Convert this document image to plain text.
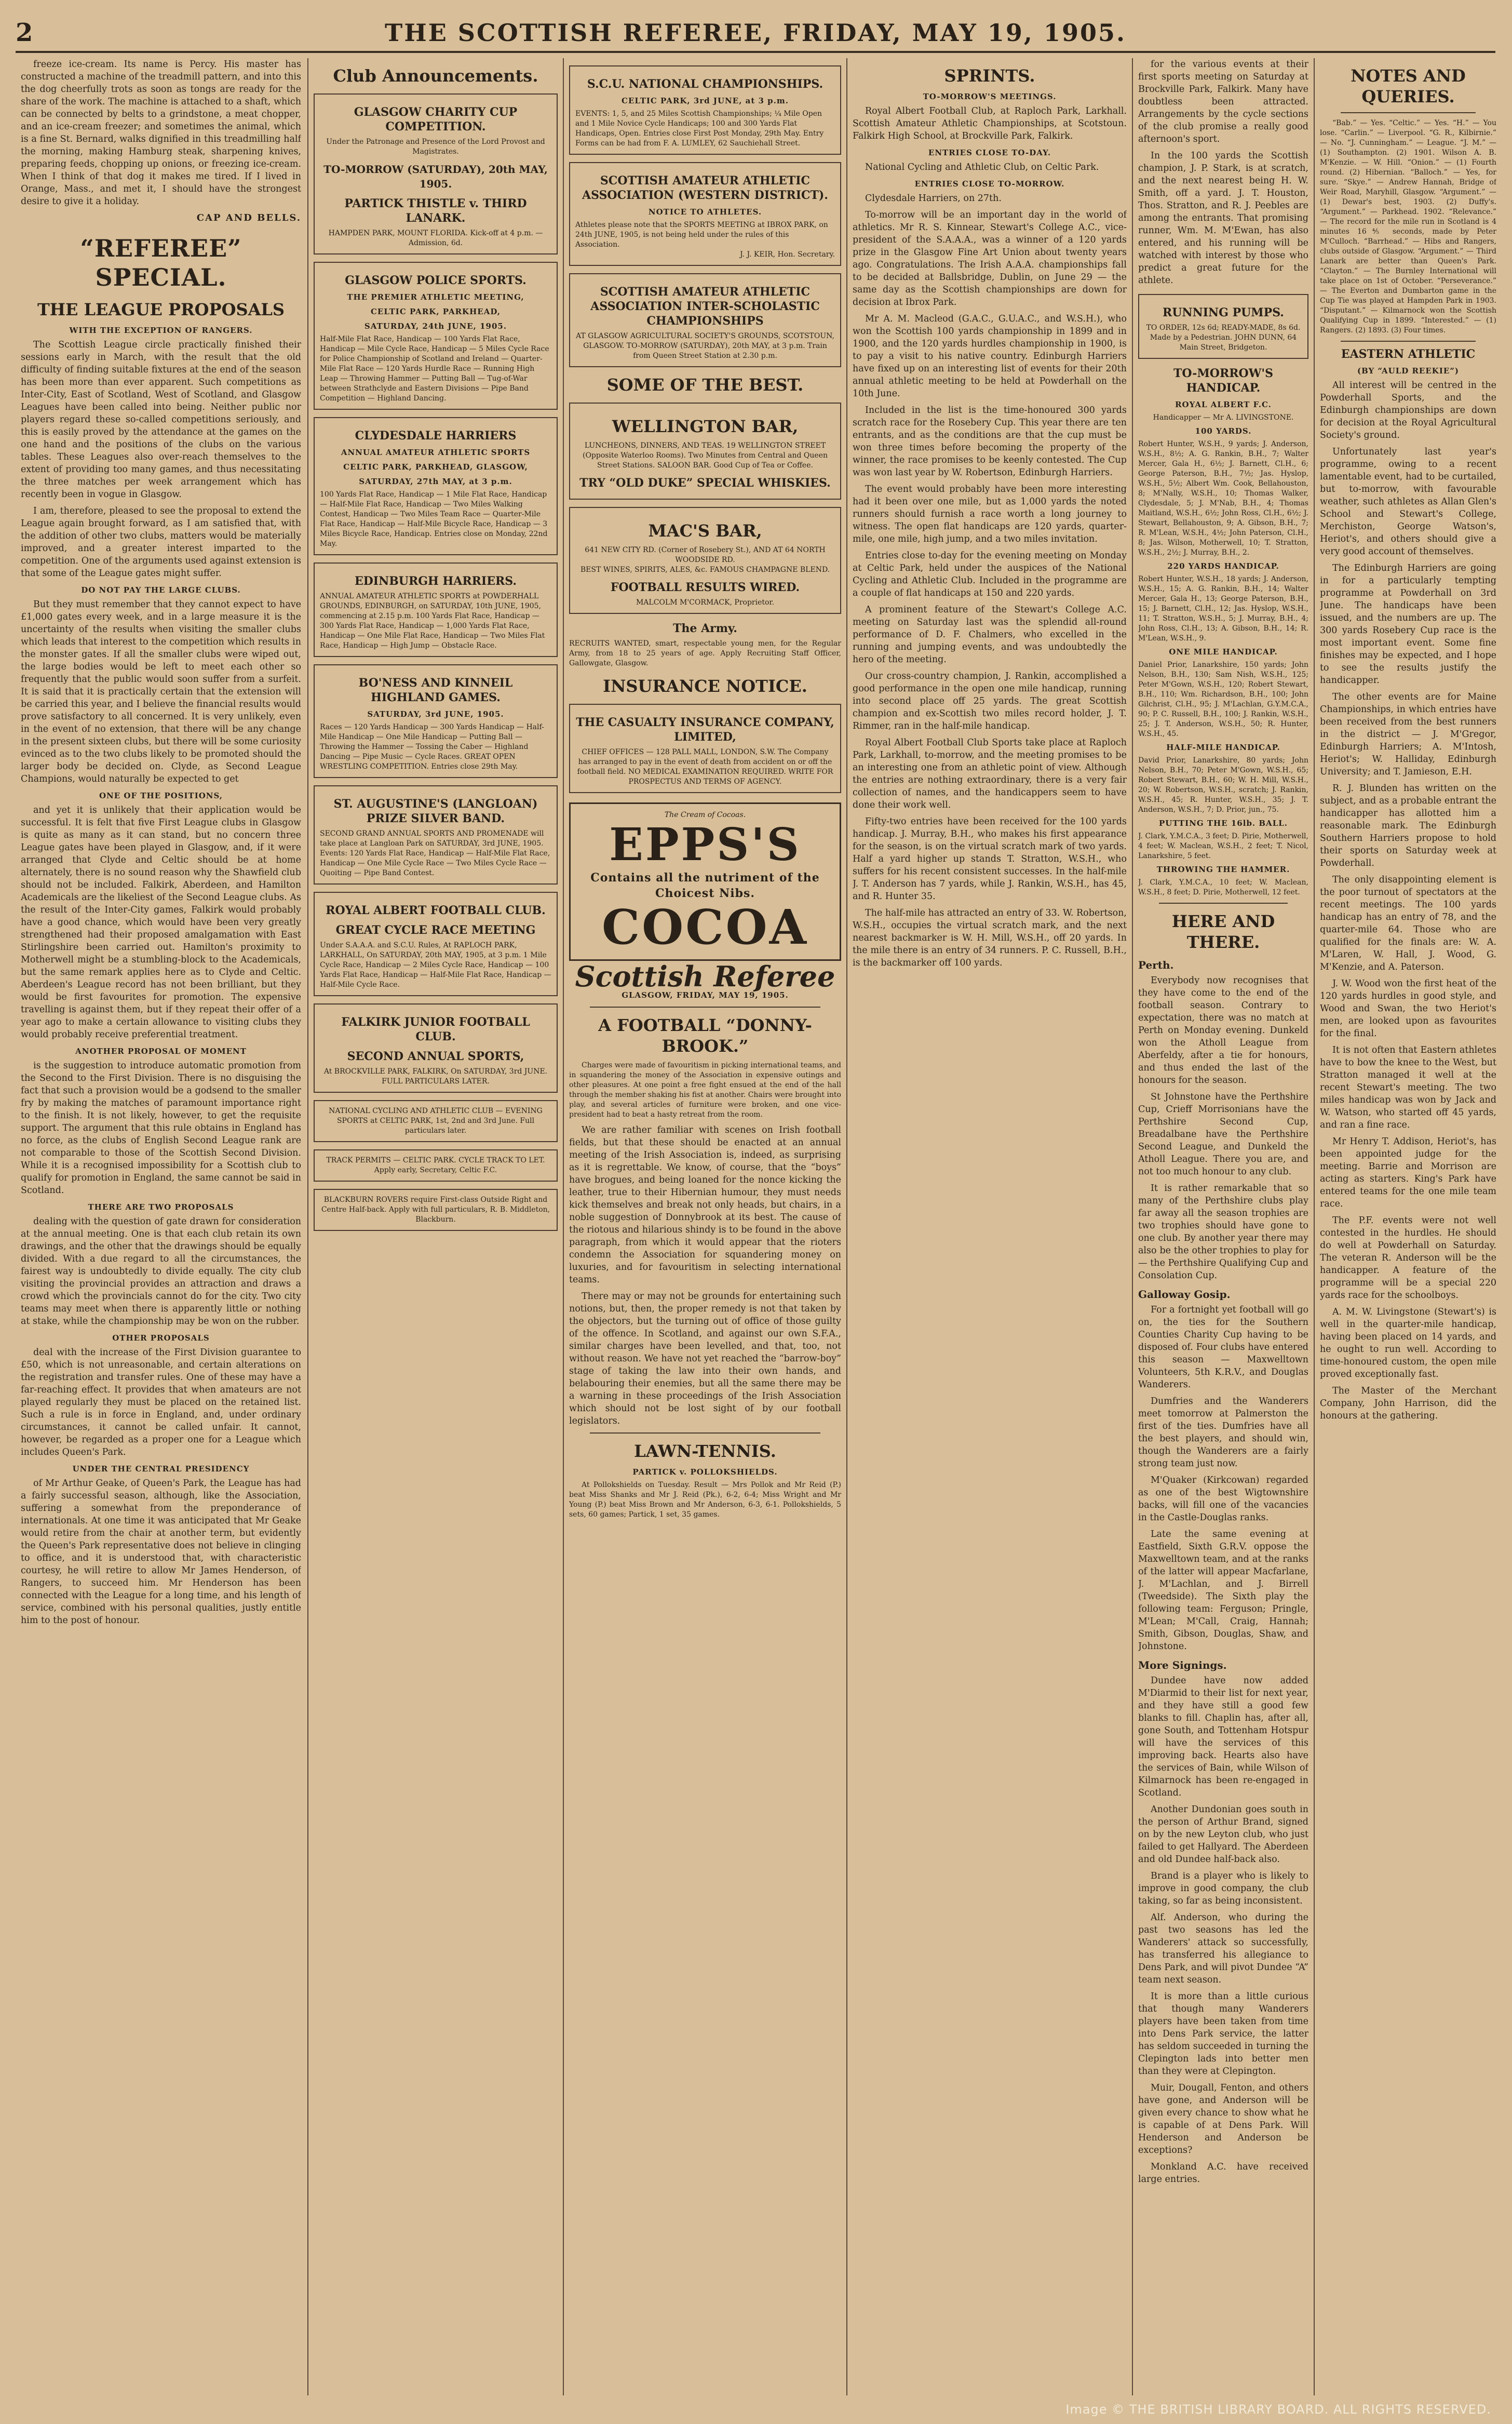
2	THE SCOTTISH REFEREE, FRIDAY, MAY 19, 1905.

freeze ice-cream. Its name is Percy. His master has constructed a machine of the treadmill pattern, and into this the dog cheerfully trots as soon as tongs are ready for the share of the work. The machine is attached to a shaft, which can be connected by belts to a grindstone, a meat chopper, and an ice-cream freezer; and sometimes the animal, which is a fine St. Bernard, walks dignified in this treadmilling half the morning, making Hamburg steak, sharpening knives, preparing feeds, chopping up onions, or freezing ice-cream. When I think of that dog it makes me tired. If I lived in Orange, Mass., and met it, I should have the strongest desire to give it a holiday.

CAP AND BELLS.
“REFEREE” SPECIAL.
THE LEAGUE PROPOSALS
WITH THE EXCEPTION OF RANGERS.

The Scottish League circle practically finished their sessions early in March, with the result that the old difficulty of finding suitable fixtures at the end of the season has been more than ever apparent. Such competitions as Inter-City, East of Scotland, West of Scotland, and Glasgow Leagues have been called into being. Neither public nor players regard these so-called competitions seriously, and this is easily proved by the attendance at the games on the one hand and the positions of the clubs on the various tables. These Leagues also over-reach themselves to the extent of providing too many games, and thus necessitating the three matches per week arrangement which has recently been in vogue in Glasgow.

I am, therefore, pleased to see the proposal to extend the League again brought forward, as I am satisfied that, with the addition of other two clubs, matters would be materially improved, and a greater interest imparted to the competition. One of the arguments used against extension is that some of the League gates might suffer.

DO NOT PAY THE LARGE CLUBS.

But they must remember that they cannot expect to have £1,000 gates every week, and in a large measure it is the uncertainty of the results when visiting the smaller clubs which leads that interest to the competition which results in the monster gates. If all the smaller clubs were wiped out, the large bodies would be left to meet each other so frequently that the public would soon suffer from a surfeit. It is said that it is practically certain that the extension will be carried this year, and I believe the financial results would prove satisfactory to all concerned. It is very unlikely, even in the event of no extension, that there will be any change in the present sixteen clubs, but there will be some curiosity evinced as to the two clubs likely to be promoted should the larger body be decided on. Clyde, as Second League Champions, would naturally be expected to get

ONE OF THE POSITIONS,

and yet it is unlikely that their application would be successful. It is felt that five First League clubs in Glasgow is quite as many as it can stand, but no concern three League gates have been played in Glasgow, and, if it were arranged that Clyde and Celtic should be at home alternately, there is no sound reason why the Shawfield club should not be included. Falkirk, Aberdeen, and Hamilton Academicals are the likeliest of the Second League clubs. As the result of the Inter-City games, Falkirk would probably have a good chance, which would have been very greatly strengthened had their proposed amalgamation with East Stirlingshire been carried out. Hamilton's proximity to Motherwell might be a stumbling-block to the Academicals, but the same remark applies here as to Clyde and Celtic. Aberdeen's League record has not been brilliant, but they would be first favourites for promotion. The expensive travelling is against them, but if they repeat their offer of a year ago to make a certain allowance to visiting clubs they would probably receive preferential treatment.

ANOTHER PROPOSAL OF MOMENT

is the suggestion to introduce automatic promotion from the Second to the First Division. There is no disguising the fact that such a provision would be a godsend to the smaller fry by making the matches of paramount importance right to the finish. It is not likely, however, to get the requisite support. The argument that this rule obtains in England has no force, as the clubs of English Second League rank are not comparable to those of the Scottish Second Division. While it is a recognised impossibility for a Scottish club to qualify for promotion in England, the same cannot be said in Scotland.

THERE ARE TWO PROPOSALS

dealing with the question of gate drawn for consideration at the annual meeting. One is that each club retain its own drawings, and the other that the drawings should be equally divided. With a due regard to all the circumstances, the fairest way is undoubtedly to divide equally. The city club visiting the provincial provides an attraction and draws a crowd which the provincials cannot do for the city. Two city teams may meet when there is apparently little or nothing at stake, while the championship may be won on the rubber.

OTHER PROPOSALS

deal with the increase of the First Division guarantee to £50, which is not unreasonable, and certain alterations on the registration and transfer rules. One of these may have a far-reaching effect. It provides that when amateurs are not played regularly they must be placed on the retained list. Such a rule is in force in England, and, under ordinary circumstances, it cannot be called unfair. It cannot, however, be regarded as a proper one for a League which includes Queen's Park.

UNDER THE CENTRAL PRESIDENCY

of Mr Arthur Geake, of Queen's Park, the League has had a fairly successful season, although, like the Association, suffering a somewhat from the preponderance of internationals. At one time it was anticipated that Mr Geake would retire from the chair at another term, but evidently the Queen's Park representative does not believe in clinging to office, and it is understood that, with characteristic courtesy, he will retire to allow Mr James Henderson, of Rangers, to succeed him. Mr Henderson has been connected with the League for a long time, and his length of service, combined with his personal qualities, justly entitle him to the post of honour.

Club Announcements.
GLASGOW CHARITY CUP COMPETITION.
Under the Patronage and Presence of the Lord Provost and Magistrates.
TO-MORROW (SATURDAY), 20th MAY, 1905.
PARTICK THISTLE v. THIRD LANARK.
HAMPDEN PARK, MOUNT FLORIDA. Kick-off at 4 p.m. — Admission, 6d.
GLASGOW POLICE SPORTS.
THE PREMIER ATHLETIC MEETING,
CELTIC PARK, PARKHEAD,
SATURDAY, 24th JUNE, 1905.
Half-Mile Flat Race, Handicap — 100 Yards Flat Race, Handicap — Mile Cycle Race, Handicap — 5 Miles Cycle Race for Police Championship of Scotland and Ireland — Quarter-Mile Flat Race — 120 Yards Hurdle Race — Running High Leap — Throwing Hammer — Putting Ball — Tug-of-War between Strathclyde and Eastern Divisions — Pipe Band Competition — Highland Dancing.
CLYDESDALE HARRIERS
ANNUAL AMATEUR ATHLETIC SPORTS
CELTIC PARK, PARKHEAD, GLASGOW,
SATURDAY, 27th MAY, at 3 p.m.
100 Yards Flat Race, Handicap — 1 Mile Flat Race, Handicap — Half-Mile Flat Race, Handicap — Two Miles Walking Contest, Handicap — Two Miles Team Race — Quarter-Mile Flat Race, Handicap — Half-Mile Bicycle Race, Handicap — 3 Miles Bicycle Race, Handicap. Entries close on Monday, 22nd May.
EDINBURGH HARRIERS.
ANNUAL AMATEUR ATHLETIC SPORTS at POWDERHALL GROUNDS, EDINBURGH, on SATURDAY, 10th JUNE, 1905, commencing at 2.15 p.m. 100 Yards Flat Race, Handicap — 300 Yards Flat Race, Handicap — 1,000 Yards Flat Race, Handicap — One Mile Flat Race, Handicap — Two Miles Flat Race, Handicap — High Jump — Obstacle Race.
BO'NESS AND KINNEIL HIGHLAND GAMES.
SATURDAY, 3rd JUNE, 1905.
Races — 120 Yards Handicap — 300 Yards Handicap — Half-Mile Handicap — One Mile Handicap — Putting Ball — Throwing the Hammer — Tossing the Caber — Highland Dancing — Pipe Music — Cycle Races. GREAT OPEN WRESTLING COMPETITION. Entries close 29th May.
ST. AUGUSTINE'S (LANGLOAN) PRIZE SILVER BAND.
SECOND GRAND ANNUAL SPORTS AND PROMENADE will take place at Langloan Park on SATURDAY, 3rd JUNE, 1905. Events: 120 Yards Flat Race, Handicap — Half-Mile Flat Race, Handicap — One Mile Cycle Race — Two Miles Cycle Race — Quoiting — Pipe Band Contest.
ROYAL ALBERT FOOTBALL CLUB.
GREAT CYCLE RACE MEETING
Under S.A.A.A. and S.C.U. Rules, At RAPLOCH PARK, LARKHALL, On SATURDAY, 20th MAY, 1905, at 3 p.m. 1 Mile Cycle Race, Handicap — 2 Miles Cycle Race, Handicap — 100 Yards Flat Race, Handicap — Half-Mile Flat Race, Handicap — Half-Mile Cycle Race.
FALKIRK JUNIOR FOOTBALL CLUB.
SECOND ANNUAL SPORTS,
At BROCKVILLE PARK, FALKIRK, On SATURDAY, 3rd JUNE. FULL PARTICULARS LATER.
NATIONAL CYCLING AND ATHLETIC CLUB — EVENING SPORTS at CELTIC PARK, 1st, 2nd and 3rd June. Full particulars later.
TRACK PERMITS — CELTIC PARK. CYCLE TRACK TO LET. Apply early, Secretary, Celtic F.C.
BLACKBURN ROVERS require First-class Outside Right and Centre Half-back. Apply with full particulars, R. B. Middleton, Blackburn.
S.C.U. NATIONAL CHAMPIONSHIPS.
CELTIC PARK, 3rd JUNE, at 3 p.m.
EVENTS: 1, 5, and 25 Miles Scottish Championships; ¼ Mile Open and 1 Mile Novice Cycle Handicaps; 100 and 300 Yards Flat Handicaps, Open. Entries close First Post Monday, 29th May. Entry Forms can be had from F. A. LUMLEY, 62 Sauchiehall Street.
SCOTTISH AMATEUR ATHLETIC ASSOCIATION (WESTERN DISTRICT).
NOTICE TO ATHLETES.
Athletes please note that the SPORTS MEETING at IBROX PARK, on 24th JUNE, 1905, is not being held under the rules of this Association.
J. J. KEIR, Hon. Secretary.
SCOTTISH AMATEUR ATHLETIC ASSOCIATION INTER-SCHOLASTIC CHAMPIONSHIPS
AT GLASGOW AGRICULTURAL SOCIETY'S GROUNDS, SCOTSTOUN, GLASGOW. TO-MORROW (SATURDAY), 20th MAY, at 3 p.m. Train from Queen Street Station at 2.30 p.m.
SOME OF THE BEST.
WELLINGTON BAR,
LUNCHEONS, DINNERS, AND TEAS. 19 WELLINGTON STREET (Opposite Waterloo Rooms). Two Minutes from Central and Queen Street Stations. SALOON BAR. Good Cup of Tea or Coffee.
TRY “OLD DUKE” SPECIAL WHISKIES.
MAC'S BAR,
641 NEW CITY RD. (Corner of Rosebery St.), AND AT 64 NORTH WOODSIDE RD.
BEST WINES, SPIRITS, ALES, &c. FAMOUS CHAMPAGNE BLEND.
FOOTBALL RESULTS WIRED.
MALCOLM M'CORMACK, Proprietor.
The Army.
RECRUITS WANTED, smart, respectable young men, for the Regular Army, from 18 to 25 years of age. Apply Recruiting Staff Officer, Gallowgate, Glasgow.
INSURANCE NOTICE.
THE CASUALTY INSURANCE COMPANY, LIMITED,
CHIEF OFFICES — 128 PALL MALL, LONDON, S.W. The Company has arranged to pay in the event of death from accident on or off the football field. NO MEDICAL EXAMINATION REQUIRED. WRITE FOR PROSPECTUS AND TERMS OF AGENCY.
The Cream of Cocoas.
EPPS'S
Contains all the nutriment of the Choicest Nibs.
COCOA
Scottish Referee
GLASGOW, FRIDAY, MAY 19, 1905.
A FOOTBALL “DONNY-BROOK.”

Charges were made of favouritism in picking international teams, and in squandering the money of the Association in expensive outings and other pleasures. At one point a free fight ensued at the end of the hall through the member shaking his fist at another. Chairs were brought into play, and several articles of furniture were broken, and one vice-president had to beat a hasty retreat from the room.

We are rather familiar with scenes on Irish football fields, but that these should be enacted at an annual meeting of the Irish Association is, indeed, as surprising as it is regrettable. We know, of course, that the “boys” have brogues, and being loaned for the nonce kicking the leather, true to their Hibernian humour, they must needs kick themselves and break not only heads, but chairs, in a noble suggestion of Donnybrook at its best. The cause of the riotous and hilarious shindy is to be found in the above paragraph, from which it would appear that the rioters condemn the Association for squandering money on luxuries, and for favouritism in selecting international teams.

There may or may not be grounds for entertaining such notions, but, then, the proper remedy is not that taken by the objectors, but the turning out of office of those guilty of the offence. In Scotland, and against our own S.F.A., similar charges have been levelled, and that, too, not without reason. We have not yet reached the “barrow-boy” stage of taking the law into their own hands, and belabouring their enemies, but all the same there may be a warning in these proceedings of the Irish Association which should not be lost sight of by our football legislators.

LAWN-TENNIS.
PARTICK v. POLLOKSHIELDS.

At Pollokshields on Tuesday. Result — Mrs Pollok and Mr Reid (P.) beat Miss Shanks and Mr J. Reid (Pk.), 6-2, 6-4; Miss Wright and Mr Young (P.) beat Miss Brown and Mr Anderson, 6-3, 6-1. Pollokshields, 5 sets, 60 games; Partick, 1 set, 35 games.

SPRINTS.
TO-MORROW'S MEETINGS.

Royal Albert Football Club, at Raploch Park, Larkhall. Scottish Amateur Athletic Championships, at Scotstoun. Falkirk High School, at Brockville Park, Falkirk.

ENTRIES CLOSE TO-DAY.

National Cycling and Athletic Club, on Celtic Park.

ENTRIES CLOSE TO-MORROW.

Clydesdale Harriers, on 27th.

To-morrow will be an important day in the world of athletics. Mr R. S. Kinnear, Stewart's College A.C., vice-president of the S.A.A.A., was a winner of a 120 yards prize in the Glasgow Fine Art Union about twenty years ago. Congratulations. The Irish A.A.A. championships fall to be decided at Ballsbridge, Dublin, on June 29 — the same day as the Scottish championships are down for decision at Ibrox Park.

Mr A. M. Macleod (G.A.C., G.U.A.C., and W.S.H.), who won the Scottish 100 yards championship in 1899 and in 1900, and the 120 yards hurdles championship in 1900, is to pay a visit to his native country. Edinburgh Harriers have fixed up on an interesting list of events for their 20th annual athletic meeting to be held at Powderhall on the 10th June.

Included in the list is the time-honoured 300 yards scratch race for the Rosebery Cup. This year there are ten entrants, and as the conditions are that the cup must be won three times before becoming the property of the winner, the race promises to be keenly contested. The Cup was won last year by W. Robertson, Edinburgh Harriers.

The event would probably have been more interesting had it been over one mile, but as 1,000 yards the noted runners should furnish a race worth a long journey to witness. The open flat handicaps are 120 yards, quarter-mile, one mile, high jump, and a two miles invitation.

Entries close to-day for the evening meeting on Monday at Celtic Park, held under the auspices of the National Cycling and Athletic Club. Included in the programme are a couple of flat handicaps at 150 and 220 yards.

A prominent feature of the Stewart's College A.C. meeting on Saturday last was the splendid all-round performance of D. F. Chalmers, who excelled in the running and jumping events, and was undoubtedly the hero of the meeting.

Our cross-country champion, J. Rankin, accomplished a good performance in the open one mile handicap, running into second place off 25 yards. The great Scottish champion and ex-Scottish two miles record holder, J. T. Rimmer, ran in the half-mile handicap.

Royal Albert Football Club Sports take place at Raploch Park, Larkhall, to-morrow, and the meeting promises to be an interesting one from an athletic point of view. Although the entries are nothing extraordinary, there is a very fair collection of names, and the handicappers seem to have done their work well.

Fifty-two entries have been received for the 100 yards handicap. J. Murray, B.H., who makes his first appearance for the season, is on the virtual scratch mark of two yards. Half a yard higher up stands T. Stratton, W.S.H., who suffers for his recent consistent successes. In the half-mile J. T. Anderson has 7 yards, while J. Rankin, W.S.H., has 45, and R. Hunter 35.

The half-mile has attracted an entry of 33. W. Robertson, W.S.H., occupies the virtual scratch mark, and the next nearest backmarker is W. H. Mill, W.S.H., off 20 yards. In the mile there is an entry of 34 runners. P. C. Russell, B.H., is the backmarker off 100 yards.

for the various events at their first sports meeting on Saturday at Brockville Park, Falkirk. Many have doubtless been attracted. Arrangements by the cycle sections of the club promise a really good afternoon's sport.

In the 100 yards the Scottish champion, J. P. Stark, is at scratch, and the next nearest being H. W. Smith, off a yard. J. T. Houston, Thos. Stratton, and R. J. Peebles are among the entrants. That promising runner, Wm. M. M'Ewan, has also entered, and his running will be watched with interest by those who predict a great future for the athlete.

RUNNING PUMPS.
TO ORDER, 12s 6d; READY-MADE, 8s 6d. Made by a Pedestrian. JOHN DUNN, 64 Main Street, Bridgeton.
TO-MORROW'S HANDICAP.
ROYAL ALBERT F.C.
Handicapper — Mr A. LIVINGSTONE.
100 YARDS.
Robert Hunter, W.S.H., 9 yards; J. Anderson, W.S.H., 8½; A. G. Rankin, B.H., 7; Walter Mercer, Gala H., 6½; J. Barnett, Cl.H., 6; George Paterson, B.H., 7½; Jas. Hyslop, W.S.H., 5½; Albert Wm. Cook, Bellahouston, 8; M'Nally, W.S.H., 10; Thomas Walker, Clydesdale, 5; J. M'Nab, B.H., 4; Thomas Maitland, W.S.H., 6½; John Ross, Cl.H., 6½; J. Stewart, Bellahouston, 9; A. Gibson, B.H., 7; R. M'Lean, W.S.H., 4½; John Paterson, Cl.H., 8; Jas. Wilson, Motherwell, 10; T. Stratton, W.S.H., 2½; J. Murray, B.H., 2.
220 YARDS HANDICAP.
Robert Hunter, W.S.H., 18 yards; J. Anderson, W.S.H., 15; A. G. Rankin, B.H., 14; Walter Mercer, Gala H., 13; George Paterson, B.H., 15; J. Barnett, Cl.H., 12; Jas. Hyslop, W.S.H., 11; T. Stratton, W.S.H., 5; J. Murray, B.H., 4; John Ross, Cl.H., 13; A. Gibson, B.H., 14; R. M'Lean, W.S.H., 9.
ONE MILE HANDICAP.
Daniel Prior, Lanarkshire, 150 yards; John Nelson, B.H., 130; Sam Nish, W.S.H., 125; Peter M'Gown, W.S.H., 120; Robert Stewart, B.H., 110; Wm. Richardson, B.H., 100; John Gilchrist, Cl.H., 95; J. M'Lachlan, G.Y.M.C.A., 90; P. C. Russell, B.H., 100; J. Rankin, W.S.H., 25; J. T. Anderson, W.S.H., 50; R. Hunter, W.S.H., 45.
HALF-MILE HANDICAP.
David Prior, Lanarkshire, 80 yards; John Nelson, B.H., 70; Peter M'Gown, W.S.H., 65; Robert Stewart, B.H., 60; W. H. Mill, W.S.H., 20; W. Robertson, W.S.H., scratch; J. Rankin, W.S.H., 45; R. Hunter, W.S.H., 35; J. T. Anderson, W.S.H., 7; D. Prior, jun., 75.
PUTTING THE 16lb. BALL.
J. Clark, Y.M.C.A., 3 feet; D. Pirie, Motherwell, 4 feet; W. Maclean, W.S.H., 2 feet; T. Nicol, Lanarkshire, 5 feet.
THROWING THE HAMMER.
J. Clark, Y.M.C.A., 10 feet; W. Maclean, W.S.H., 8 feet; D. Pirie, Motherwell, 12 feet.
HERE AND THERE.
Perth.

Everybody now recognises that they have come to the end of the football season. Contrary to expectation, there was no match at Perth on Monday evening. Dunkeld won the Atholl League from Aberfeldy, after a tie for honours, and thus ended the last of the honours for the season.

St Johnstone have the Perthshire Cup, Crieff Morrisonians have the Perthshire Second Cup, Breadalbane have the Perthshire Second League, and Dunkeld the Atholl League. There you are, and not too much honour to any club.

It is rather remarkable that so many of the Perthshire clubs play far away all the season trophies are two trophies should have gone to one club. By another year there may also be the other trophies to play for — the Perthshire Qualifying Cup and Consolation Cup.

Galloway Gosip.

For a fortnight yet football will go on, the ties for the Southern Counties Charity Cup having to be disposed of. Four clubs have entered this season — Maxwelltown Volunteers, 5th K.R.V., and Douglas Wanderers.

Dumfries and the Wanderers meet tomorrow at Palmerston the first of the ties. Dumfries have all the best players, and should win, though the Wanderers are a fairly strong team just now.

M'Quaker (Kirkcowan) regarded as one of the best Wigtownshire backs, will fill one of the vacancies in the Castle-Douglas ranks.

Late the same evening at Eastfield, Sixth G.R.V. oppose the Maxwelltown team, and at the ranks of the latter will appear Macfarlane, J. M'Lachlan, and J. Birrell (Tweedside). The Sixth play the following team: Ferguson; Pringle, M'Lean; M'Call, Craig, Hannah; Smith, Gibson, Douglas, Shaw, and Johnstone.

More Signings.

Dundee have now added M'Diarmid to their list for next year, and they have still a good few blanks to fill. Chaplin has, after all, gone South, and Tottenham Hotspur will have the services of this improving back. Hearts also have the services of Bain, while Wilson of Kilmarnock has been re-engaged in Scotland.

Another Dundonian goes south in the person of Arthur Brand, signed on by the new Leyton club, who just failed to get Hallyard. The Aberdeen and old Dundee half-back also.

Brand is a player who is likely to improve in good company, the club taking, so far as being inconsistent.

Alf. Anderson, who during the past two seasons has led the Wanderers' attack so successfully, has transferred his allegiance to Dens Park, and will pivot Dundee “A” team next season.

It is more than a little curious that though many Wanderers players have been taken from time into Dens Park service, the latter has seldom succeeded in turning the Clepington lads into better men than they were at Clepington.

Muir, Dougall, Fenton, and others have gone, and Anderson will be given every chance to show what he is capable of at Dens Park. Will Henderson and Anderson be exceptions?

Monkland A.C. have received large entries.

NOTES AND QUERIES.

“Bab.” — Yes. “Celtic.” — Yes. “H.” — You lose. “Carlin.” — Liverpool. “G. R., Kilbirnie.” — No. “J. Cunningham.” — League. “J. M.” — (1) Southampton. (2) 1901. Wilson A. B. M'Kenzie. — W. Hill. “Onion.” — (1) Fourth round. (2) Hibernian. “Balloch.” — Yes, for sure. “Skye.” — Andrew Hannah, Bridge of Weir Road, Maryhill, Glasgow. “Argument.” — (1) Dewar's best, 1903. (2) Duffy's. “Argument.” — Parkhead. 1902. “Relevance.” — The record for the mile run in Scotland is 4 minutes 16⅘ seconds, made by Peter M'Culloch. “Barrhead.” — Hibs and Rangers, clubs outside of Glasgow. “Argument.” — Third Lanark are better than Queen's Park. “Clayton.” — The Burnley International will take place on 1st of October. “Perseverance.” — The Everton and Dumbarton game in the Cup Tie was played at Hampden Park in 1903. “Disputant.” — Kilmarnock won the Scottish Qualifying Cup in 1899. “Interested.” — (1) Rangers. (2) 1893. (3) Four times.

EASTERN ATHLETIC
(BY “AULD REEKIE”)

All interest will be centred in the Powderhall Sports, and the Edinburgh championships are down for decision at the Royal Agricultural Society's ground.

Unfortunately last year's programme, owing to a recent lamentable event, had to be curtailed, but to-morrow, with favourable weather, such athletes as Allan Glen's School and Stewart's College, Merchiston, George Watson's, Heriot's, and others should give a very good account of themselves.

The Edinburgh Harriers are going in for a particularly tempting programme at Powderhall on 3rd June. The handicaps have been issued, and the numbers are up. The 300 yards Rosebery Cup race is the most important event. Some fine finishes may be expected, and I hope to see the results justify the handicapper.

The other events are for Maine Championships, in which entries have been received from the best runners in the district — J. M'Gregor, Edinburgh Harriers; A. M'Intosh, Heriot's; W. Halliday, Edinburgh University; and T. Jamieson, E.H.

R. J. Blunden has written on the subject, and as a probable entrant the handicapper has allotted him a reasonable mark. The Edinburgh Southern Harriers propose to hold their sports on Saturday week at Powderhall.

The only disappointing element is the poor turnout of spectators at the recent meetings. The 100 yards handicap has an entry of 78, and the quarter-mile 64. Those who are qualified for the finals are: W. A. M'Laren, W. Hall, J. Wood, G. M'Kenzie, and A. Paterson.

J. W. Wood won the first heat of the 120 yards hurdles in good style, and Wood and Swan, the two Heriot's men, are looked upon as favourites for the final.

It is not often that Eastern athletes have to bow the knee to the West, but Stratton managed it well at the recent Stewart's meeting. The two miles handicap was won by Jack and W. Watson, who started off 45 yards, and ran a fine race.

Mr Henry T. Addison, Heriot's, has been appointed judge for the meeting. Barrie and Morrison are acting as starters. King's Park have entered teams for the one mile team race.

The P.F. events were not well contested in the hurdles. He should do well at Powderhall on Saturday. The veteran R. Anderson will be the handicapper. A feature of the programme will be a special 220 yards race for the schoolboys.

A. M. W. Livingstone (Stewart's) is well in the quarter-mile handicap, having been placed on 14 yards, and he ought to run well. According to time-honoured custom, the open mile proved exceptionally fast.

The Master of the Merchant Company, John Harrison, did the honours at the gathering.

Image © THE BRITISH LIBRARY BOARD. ALL RIGHTS RESERVED.
